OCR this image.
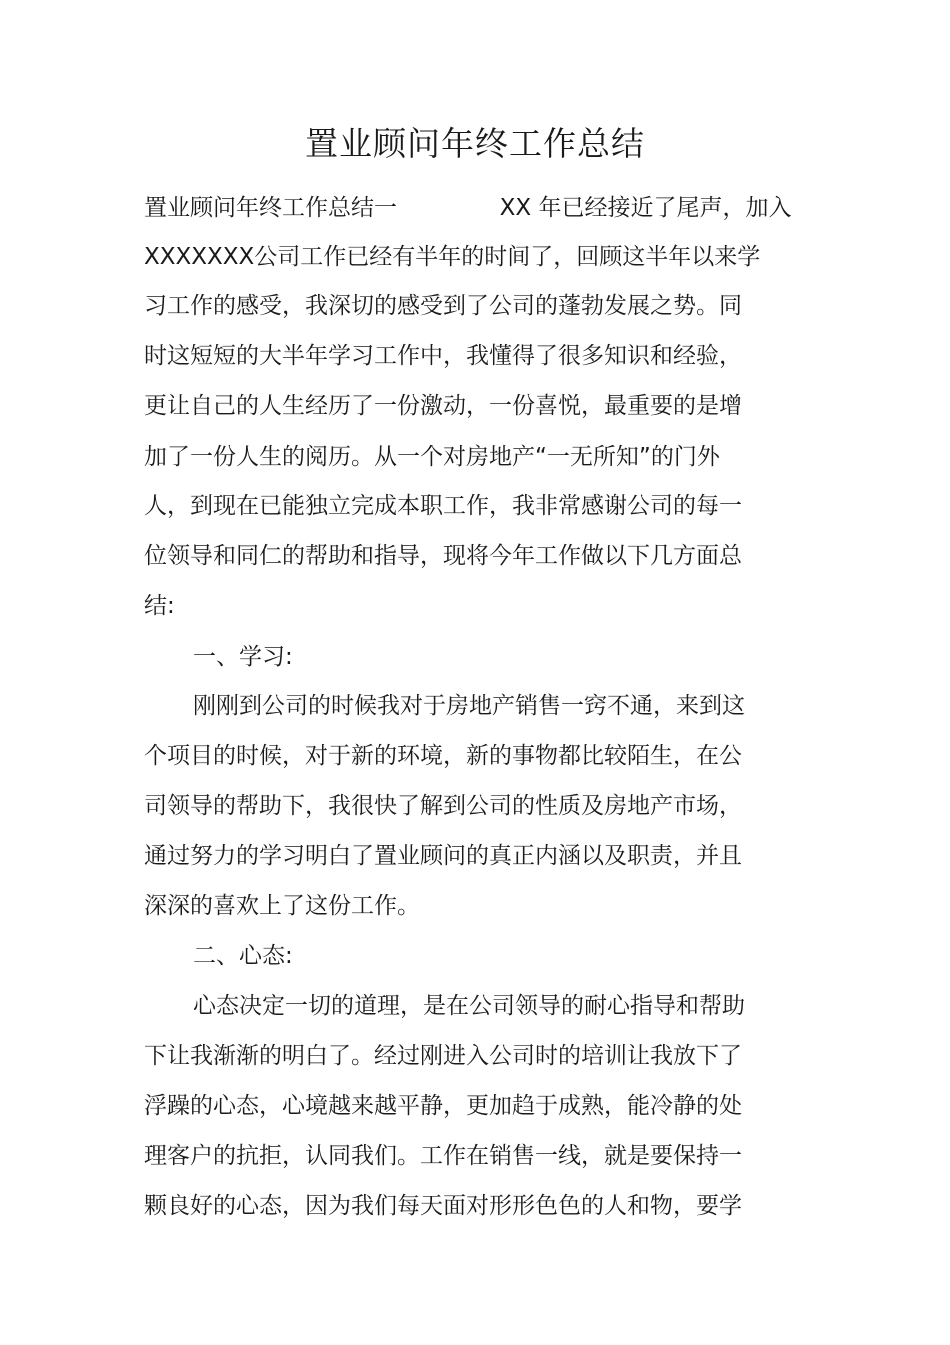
置业顾问年终工作总结

置业顾问年终工作总结一	XX 年已经接近了尾声，加入

XXXXXXX公司工作已经有半年的时间了，回顾这半年以来学

习工作的感受，我深切的感受到了公司的蓬勃发展之势。同

时这短短的大半年学习工作中，我懂得了很多知识和经验，

更让自己的人生经历了一份激动，一份喜悦，最重要的是增

加了一份人生的阅历。从一个对房地产“一无所知”的门外

人，到现在已能独立完成本职工作，我非常感谢公司的每一

位领导和同仁的帮助和指导，现将今年工作做以下几方面总

结:

一、学习:

刚刚到公司的时候我对于房地产销售一窍不通，来到这

个项目的时候，对于新的环境，新的事物都比较陌生，在公

司领导的帮助下，我很快了解到公司的性质及房地产市场，

通过努力的学习明白了置业顾问的真正内涵以及职责，并且

深深的喜欢上了这份工作。

二、心态:

心态决定一切的道理，是在公司领导的耐心指导和帮助

下让我渐渐的明白了。经过刚进入公司时的培训让我放下了

浮躁的心态，心境越来越平静，更加趋于成熟，能冷静的处

理客户的抗拒，认同我们。工作在销售一线，就是要保持一

颗良好的心态，因为我们每天面对形形色色的人和物，要学
